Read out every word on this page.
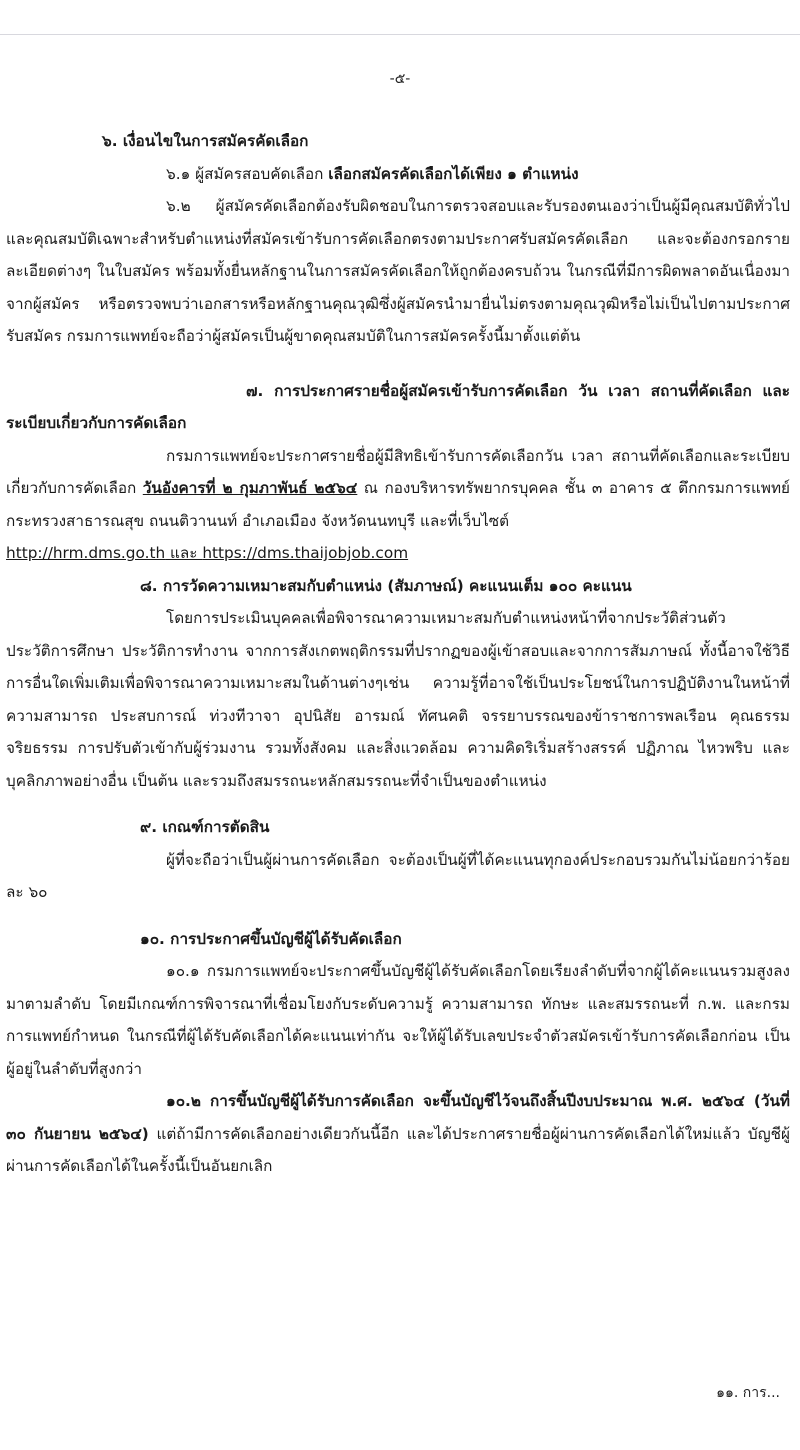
-๕-

๖. เงื่อนไขในการสมัครคัดเลือก

๖.๑ ผู้สมัครสอบคัดเลือก เลือกสมัครคัดเลือกได้เพียง ๑ ตำแหน่ง

๖.๒ ผู้สมัครคัดเลือกต้องรับผิดชอบในการตรวจสอบและรับรองตนเองว่าเป็นผู้มีคุณสมบัติทั่วไปและคุณสมบัติเฉพาะสำหรับตำแหน่งที่สมัครเข้ารับการคัดเลือกตรงตามประกาศรับสมัครคัดเลือก และจะต้องกรอกรายละเอียดต่างๆ ในใบสมัคร พร้อมทั้งยื่นหลักฐานในการสมัครคัดเลือกให้ถูกต้องครบถ้วน ในกรณีที่มีการผิดพลาดอันเนื่องมาจากผู้สมัคร หรือตรวจพบว่าเอกสารหรือหลักฐานคุณวุฒิซึ่งผู้สมัครนำมายื่นไม่ตรงตามคุณวุฒิหรือไม่เป็นไปตามประกาศรับสมัคร กรมการแพทย์จะถือว่าผู้สมัครเป็นผู้ขาดคุณสมบัติในการสมัครครั้งนี้มาตั้งแต่ต้น

๗. การประกาศรายชื่อผู้สมัครเข้ารับการคัดเลือก วัน เวลา สถานที่คัดเลือก และระเบียบเกี่ยวกับการคัดเลือก

กรมการแพทย์จะประกาศรายชื่อผู้มีสิทธิเข้ารับการคัดเลือกวัน เวลา สถานที่คัดเลือกและระเบียบเกี่ยวกับการคัดเลือก วันอังคารที่ ๒ กุมภาพันธ์ ๒๕๖๔ ณ กองบริหารทรัพยากรบุคคล ชั้น ๓ อาคาร ๕ ตึกกรมการแพทย์ กระทรวงสาธารณสุข ถนนติวานนท์ อำเภอเมือง จังหวัดนนทบุรี และที่เว็บไซต์

http://hrm.dms.go.th และ https://dms.thaijobjob.com

๘. การวัดความเหมาะสมกับตำแหน่ง (สัมภาษณ์) คะแนนเต็ม ๑๐๐ คะแนน

โดยการประเมินบุคคลเพื่อพิจารณาความเหมาะสมกับตำแหน่งหน้าที่จากประวัติส่วนตัว ประวัติการศึกษา ประวัติการทำงาน จากการสังเกตพฤติกรรมที่ปรากฏของผู้เข้าสอบและจากการสัมภาษณ์ ทั้งนี้อาจใช้วิธีการอื่นใดเพิ่มเติมเพื่อพิจารณาความเหมาะสมในด้านต่างๆเช่น ความรู้ที่อาจใช้เป็นประโยชน์ในการปฏิบัติงานในหน้าที่ ความสามารถ ประสบการณ์ ท่วงทีวาจา อุปนิสัย อารมณ์ ทัศนคติ จรรยาบรรณของข้าราชการพลเรือน คุณธรรม จริยธรรม การปรับตัวเข้ากับผู้ร่วมงาน รวมทั้งสังคม และสิ่งแวดล้อม ความคิดริเริ่มสร้างสรรค์ ปฏิภาณ ไหวพริบ และบุคลิกภาพอย่างอื่น เป็นต้น และรวมถึงสมรรถนะหลักสมรรถนะที่จำเป็นของตำแหน่ง

๙. เกณฑ์การตัดสิน

ผู้ที่จะถือว่าเป็นผู้ผ่านการคัดเลือก จะต้องเป็นผู้ที่ได้คะแนนทุกองค์ประกอบรวมกันไม่น้อยกว่าร้อยละ ๖๐

๑๐. การประกาศขึ้นบัญชีผู้ได้รับคัดเลือก

๑๐.๑ กรมการแพทย์จะประกาศขึ้นบัญชีผู้ได้รับคัดเลือกโดยเรียงลำดับที่จากผู้ได้คะแนนรวมสูงลงมาตามลำดับ โดยมีเกณฑ์การพิจารณาที่เชื่อมโยงกับระดับความรู้ ความสามารถ ทักษะ และสมรรถนะที่ ก.พ. และกรมการแพทย์กำหนด ในกรณีที่ผู้ได้รับคัดเลือกได้คะแนนเท่ากัน จะให้ผู้ได้รับเลขประจำตัวสมัครเข้ารับการคัดเลือกก่อน เป็นผู้อยู่ในลำดับที่สูงกว่า

๑๐.๒ การขึ้นบัญชีผู้ได้รับการคัดเลือก จะขึ้นบัญชีไว้จนถึงสิ้นปีงบประมาณ พ.ศ. ๒๕๖๔ (วันที่ ๓๐ กันยายน ๒๕๖๔) แต่ถ้ามีการคัดเลือกอย่างเดียวกันนี้อีก และได้ประกาศรายชื่อผู้ผ่านการคัดเลือกได้ใหม่แล้ว บัญชีผู้ผ่านการคัดเลือกได้ในครั้งนี้เป็นอันยกเลิก

๑๑. การ...
